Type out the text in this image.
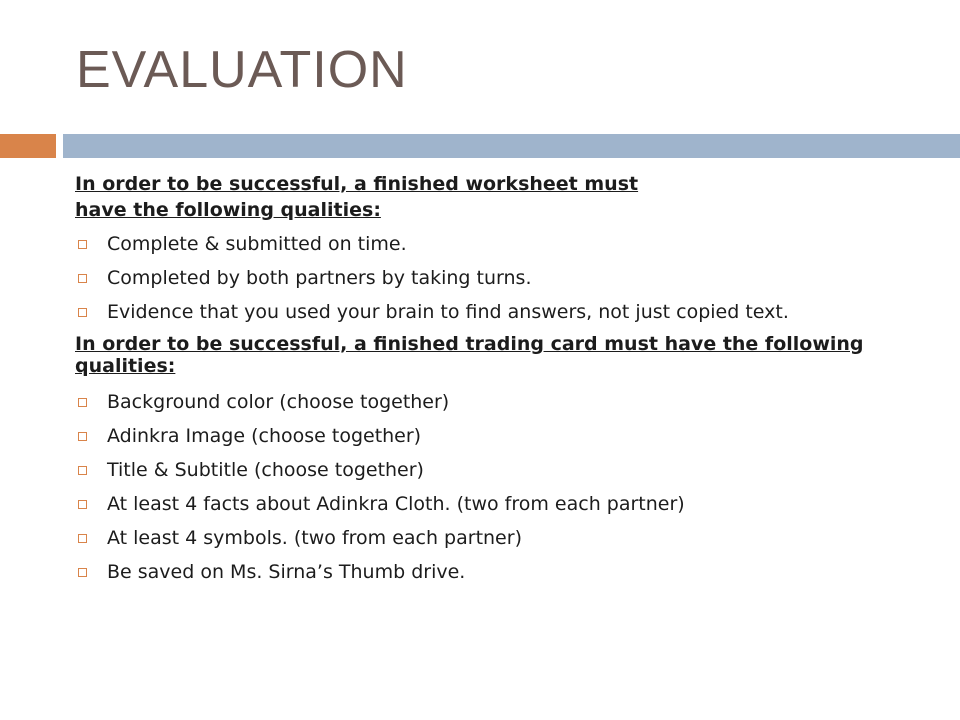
EVALUATION
In order to be successful, a finished worksheet must
have the following qualities:
Complete & submitted on time.
Completed by both partners by taking turns.
Evidence that you used your brain to find answers, not just copied text.
In order to be successful, a finished trading card must have the following qualities:
Background color (choose together)
Adinkra Image (choose together)
Title & Subtitle (choose together)
At least 4 facts about Adinkra Cloth. (two from each partner)
At least 4 symbols. (two from each partner)
Be saved on Ms. Sirna’s Thumb drive.
